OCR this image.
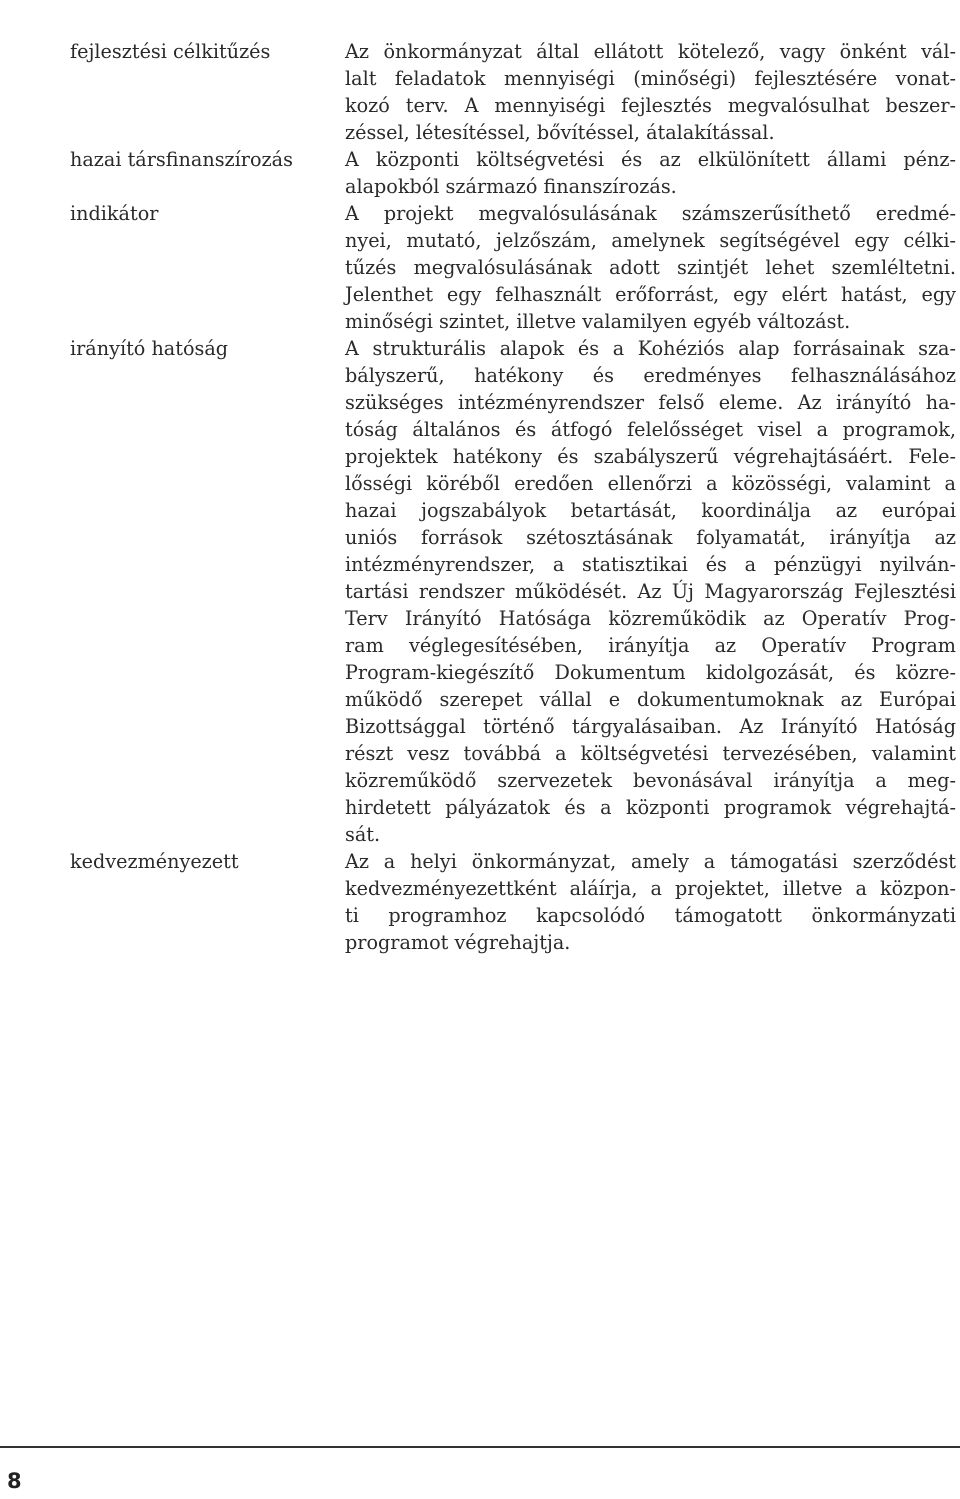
fejlesztési célkitűzés	Az önkormányzat által ellátott kötelező, vagy önként vál-
lalt feladatok mennyiségi (minőségi) fejlesztésére vonat-
kozó terv. A mennyiségi fejlesztés megvalósulhat beszer-
zéssel, létesítéssel, bővítéssel, átalakítással.
hazai társfinanszírozás	A központi költségvetési és az elkülönített állami pénz-
alapokból származó finanszírozás.
indikátor	A projekt megvalósulásának számszerűsíthető eredmé-
nyei, mutató, jelzőszám, amelynek segítségével egy célki-
tűzés megvalósulásának adott szintjét lehet szemléltetni.
Jelenthet egy felhasznált erőforrást, egy elért hatást, egy
minőségi szintet, illetve valamilyen egyéb változást.
irányító hatóság	A strukturális alapok és a Kohéziós alap forrásainak sza-
bályszerű, hatékony és eredményes felhasználásához
szükséges intézményrendszer felső eleme. Az irányító ha-
tóság általános és átfogó felelősséget visel a programok,
projektek hatékony és szabályszerű végrehajtásáért. Fele-
lősségi köréből eredően ellenőrzi a közösségi, valamint a
hazai jogszabályok betartását, koordinálja az európai
uniós források szétosztásának folyamatát, irányítja az
intézményrendszer, a statisztikai és a pénzügyi nyilván-
tartási rendszer működését. Az Új Magyarország Fejlesztési
Terv Irányító Hatósága közreműködik az Operatív Prog-
ram véglegesítésében, irányítja az Operatív Program
Program-kiegészítő Dokumentum kidolgozását, és közre-
működő szerepet vállal e dokumentumoknak az Európai
Bizottsággal történő tárgyalásaiban. Az Irányító Hatóság
részt vesz továbbá a költségvetési tervezésében, valamint
közreműködő szervezetek bevonásával irányítja a meg-
hirdetett pályázatok és a központi programok végrehajtá-
sát.
kedvezményezett	Az a helyi önkormányzat, amely a támogatási szerződést
kedvezményezettként aláírja, a projektet, illetve a közpon-
ti programhoz kapcsolódó támogatott önkormányzati
programot végrehajtja.
8
